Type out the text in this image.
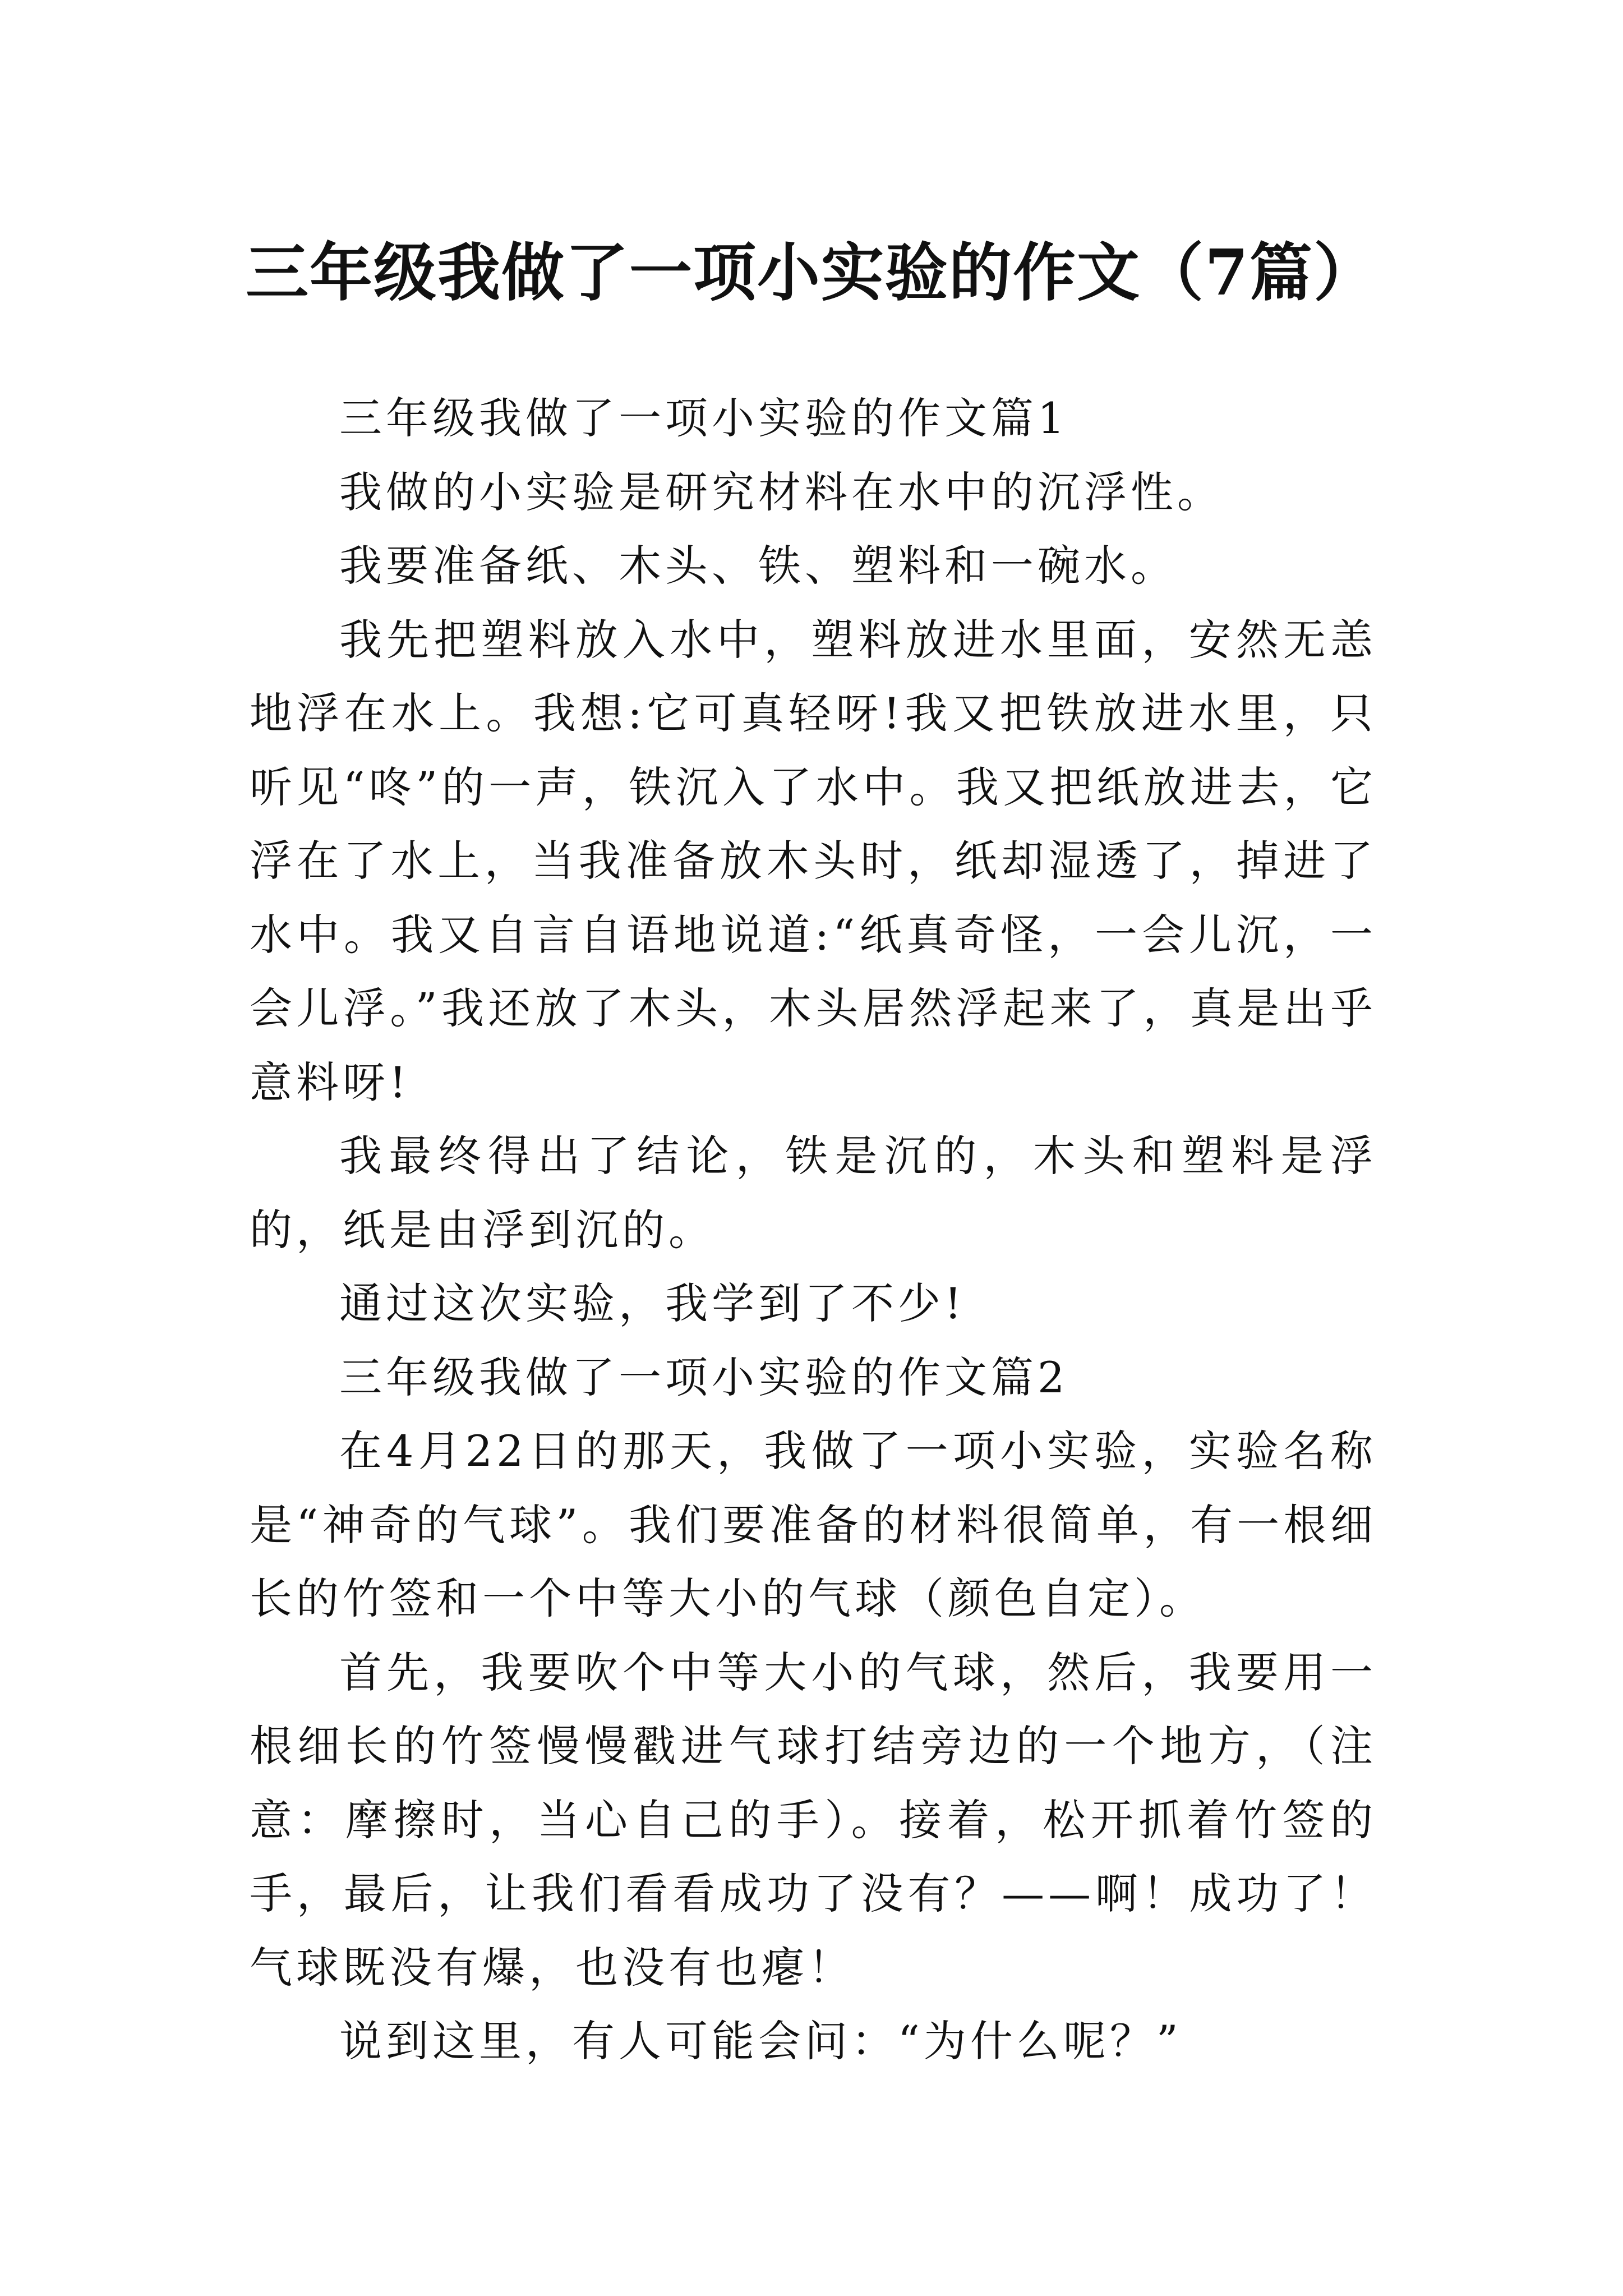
三年级我做了一项小实验的作文（7篇）

三年级我做了一项小实验的作文篇1

我做的小实验是研究材料在水中的沉浮性。

我要准备纸、木头、铁、塑料和一碗水。

我先把塑料放入水中，塑料放进水里面，安然无恙地浮在水上。我想:它可真轻呀!我又把铁放进水里，只听见“咚”的一声，铁沉入了水中。我又把纸放进去，它浮在了水上，当我准备放木头时，纸却湿透了，掉进了水中。我又自言自语地说道:“纸真奇怪，一会儿沉，一会儿浮。”我还放了木头，木头居然浮起来了，真是出乎意料呀!

我最终得出了结论，铁是沉的，木头和塑料是浮的，纸是由浮到沉的。

通过这次实验，我学到了不少!

三年级我做了一项小实验的作文篇2

在4月22日的那天，我做了一项小实验，实验名称是“神奇的气球”。我们要准备的材料很简单，有一根细长的竹签和一个中等大小的气球（颜色自定）。

首先，我要吹个中等大小的气球，然后，我要用一根细长的竹签慢慢戳进气球打结旁边的一个地方，（注意：摩擦时，当心自己的手）。接着，松开抓着竹签的手，最后，让我们看看成功了没有？——啊！成功了！气球既没有爆，也没有也瘪！

说到这里，有人可能会问：“为什么呢？”
